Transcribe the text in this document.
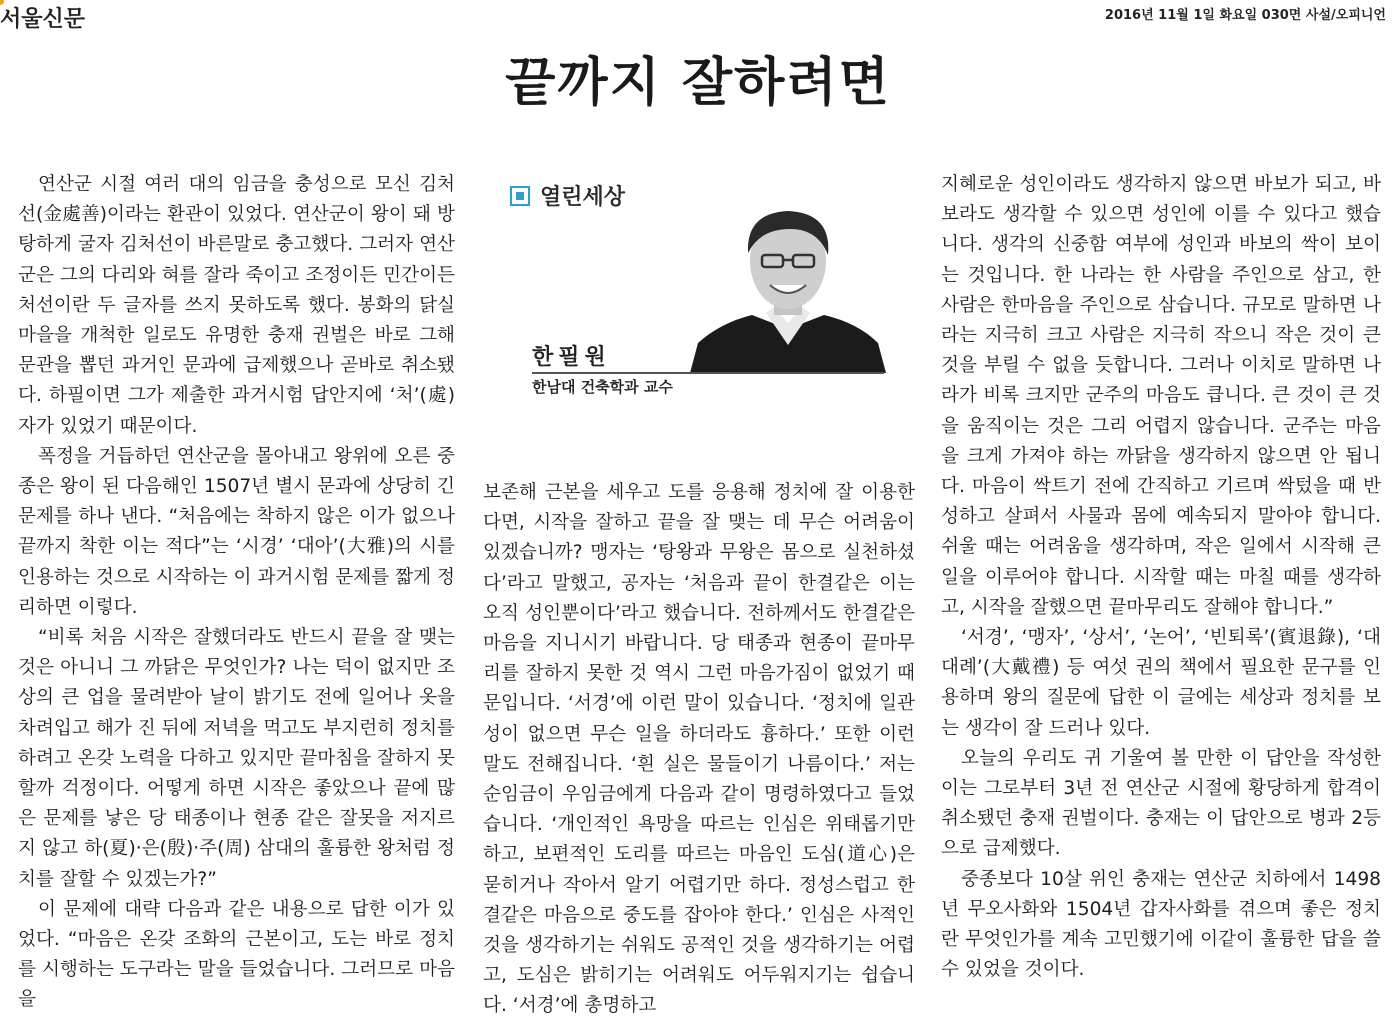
서울신문	2016년 11월 1일 화요일 030면 사설/오피니언
끝까지 잘하려면

연산군 시절 여러 대의 임금을 충성으로 모신 김처선(金處善)이라는 환관이 있었다. 연산군이 왕이 돼 방탕하게 굴자 김처선이 바른말로 충고했다. 그러자 연산군은 그의 다리와 혀를 잘라 죽이고 조정이든 민간이든 처선이란 두 글자를 쓰지 못하도록 했다. 봉화의 닭실마을을 개척한 일로도 유명한 충재 권벌은 바로 그해 문관을 뽑던 과거인 문과에 급제했으나 곧바로 취소됐다. 하필이면 그가 제출한 과거시험 답안지에 ‘처’(處)자가 있었기 때문이다.

폭정을 거듭하던 연산군을 몰아내고 왕위에 오른 중종은 왕이 된 다음해인 1507년 별시 문과에 상당히 긴 문제를 하나 낸다. “처음에는 착하지 않은 이가 없으나 끝까지 착한 이는 적다”는 ‘시경’ ‘대아’(大雅)의 시를 인용하는 것으로 시작하는 이 과거시험 문제를 짧게 정리하면 이렇다.

“비록 처음 시작은 잘했더라도 반드시 끝을 잘 맺는 것은 아니니 그 까닭은 무엇인가? 나는 덕이 없지만 조상의 큰 업을 물려받아 날이 밝기도 전에 일어나 옷을 차려입고 해가 진 뒤에 저녁을 먹고도 부지런히 정치를 하려고 온갖 노력을 다하고 있지만 끝마침을 잘하지 못할까 걱정이다. 어떻게 하면 시작은 좋았으나 끝에 많은 문제를 낳은 당 태종이나 현종 같은 잘못을 저지르지 않고 하(夏)·은(殷)·주(周) 삼대의 훌륭한 왕처럼 정치를 잘할 수 있겠는가?”

이 문제에 대략 다음과 같은 내용으로 답한 이가 있었다. “마음은 온갖 조화의 근본이고, 도는 바로 정치를 시행하는 도구라는 말을 들었습니다. 그러므로 마음을

열린세상
한필원
한남대 건축학과 교수

보존해 근본을 세우고 도를 응용해 정치에 잘 이용한다면, 시작을 잘하고 끝을 잘 맺는 데 무슨 어려움이 있겠습니까? 맹자는 ‘탕왕과 무왕은 몸으로 실천하셨다’라고 말했고, 공자는 ‘처음과 끝이 한결같은 이는 오직 성인뿐이다’라고 했습니다. 전하께서도 한결같은 마음을 지니시기 바랍니다. 당 태종과 현종이 끝마무리를 잘하지 못한 것 역시 그런 마음가짐이 없었기 때문입니다. ‘서경’에 이런 말이 있습니다. ‘정치에 일관성이 없으면 무슨 일을 하더라도 흉하다.’ 또한 이런 말도 전해집니다. ‘흰 실은 물들이기 나름이다.’ 저는 순임금이 우임금에게 다음과 같이 명령하였다고 들었습니다. ‘개인적인 욕망을 따르는 인심은 위태롭기만 하고, 보편적인 도리를 따르는 마음인 도심(道心)은 묻히거나 작아서 알기 어렵기만 하다. 정성스럽고 한결같은 마음으로 중도를 잡아야 한다.’ 인심은 사적인 것을 생각하기는 쉬워도 공적인 것을 생각하기는 어렵고, 도심은 밝히기는 어려워도 어두워지기는 쉽습니다. ‘서경’에 총명하고

지혜로운 성인이라도 생각하지 않으면 바보가 되고, 바보라도 생각할 수 있으면 성인에 이를 수 있다고 했습니다. 생각의 신중함 여부에 성인과 바보의 싹이 보이는 것입니다. 한 나라는 한 사람을 주인으로 삼고, 한 사람은 한마음을 주인으로 삼습니다. 규모로 말하면 나라는 지극히 크고 사람은 지극히 작으니 작은 것이 큰 것을 부릴 수 없을 듯합니다. 그러나 이치로 말하면 나라가 비록 크지만 군주의 마음도 큽니다. 큰 것이 큰 것을 움직이는 것은 그리 어렵지 않습니다. 군주는 마음을 크게 가져야 하는 까닭을 생각하지 않으면 안 됩니다. 마음이 싹트기 전에 간직하고 기르며 싹텄을 때 반성하고 살펴서 사물과 몸에 예속되지 말아야 합니다. 쉬울 때는 어려움을 생각하며, 작은 일에서 시작해 큰일을 이루어야 합니다. 시작할 때는 마칠 때를 생각하고, 시작을 잘했으면 끝마무리도 잘해야 합니다.”

‘서경’, ‘맹자’, ‘상서’, ‘논어’, ‘빈퇴록’(賓退錄), ‘대대례’(大戴禮) 등 여섯 권의 책에서 필요한 문구를 인용하며 왕의 질문에 답한 이 글에는 세상과 정치를 보는 생각이 잘 드러나 있다.

오늘의 우리도 귀 기울여 볼 만한 이 답안을 작성한 이는 그로부터 3년 전 연산군 시절에 황당하게 합격이 취소됐던 충재 권벌이다. 충재는 이 답안으로 병과 2등으로 급제했다.

중종보다 10살 위인 충재는 연산군 치하에서 1498년 무오사화와 1504년 갑자사화를 겪으며 좋은 정치란 무엇인가를 계속 고민했기에 이같이 훌륭한 답을 쓸 수 있었을 것이다.
